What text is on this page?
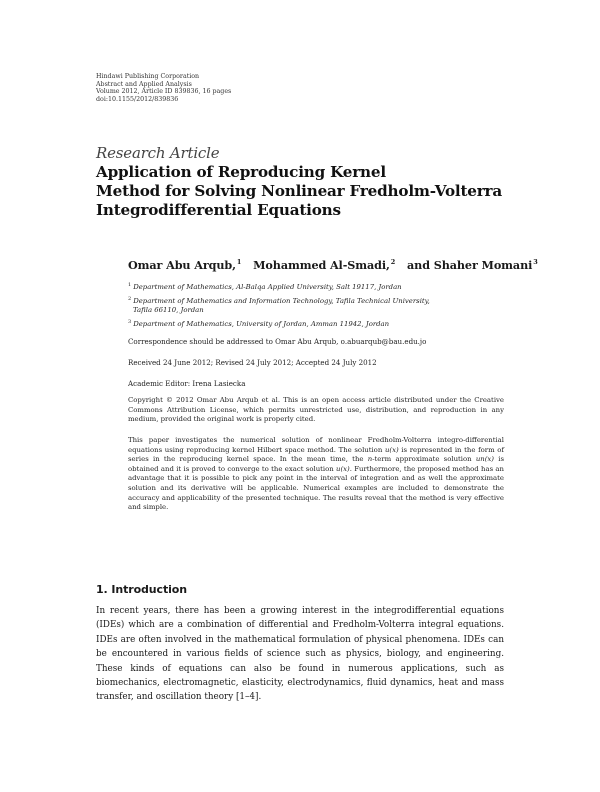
Hindawi Publishing Corporation
Abstract and Applied Analysis
Volume 2012, Article ID 839836, 16 pages
doi:10.1155/2012/839836
Research Article
Application of Reproducing Kernel
Method for Solving Nonlinear Fredholm-Volterra
Integrodifferential Equations
Omar Abu Arqub,$^1$ Mohammed Al-Smadi,$^2$ and Shaher Momani$^3$
$^1$ Department of Mathematics, Al-Balqa Applied University, Salt 19117, Jordan
$^2$ Department of Mathematics and Information Technology, Tafila Technical University,
Tafila 66110, Jordan
$^3$ Department of Mathematics, University of Jordan, Amman 11942, Jordan
Correspondence should be addressed to Omar Abu Arqub, o.abuarqub@bau.edu.jo
Received 24 June 2012; Revised 24 July 2012; Accepted 24 July 2012
Academic Editor: Irena Lasiecka
Copyright © 2012 Omar Abu Arqub et al. This is an open access article distributed under the Creative Commons Attribution License, which permits unrestricted use, distribution, and reproduction in any medium, provided the original work is properly cited.
This paper investigates the numerical solution of nonlinear Fredholm-Volterra integro-differential equations using reproducing kernel Hilbert space method. The solution u(x) is represented in the form of series in the reproducing kernel space. In the mean time, the n-term approximate solution un(x) is obtained and it is proved to converge to the exact solution u(x). Furthermore, the proposed method has an advantage that it is possible to pick any point in the interval of integration and as well the approximate solution and its derivative will be applicable. Numerical examples are included to demonstrate the accuracy and applicability of the presented technique. The results reveal that the method is very effective and simple.
1. Introduction
In recent years, there has been a growing interest in the integrodifferential equations (IDEs) which are a combination of differential and Fredholm-Volterra integral equations. IDEs are often involved in the mathematical formulation of physical phenomena. IDEs can be encountered in various fields of science such as physics, biology, and engineering. These kinds of equations can also be found in numerous applications, such as biomechanics, electromagnetic, elasticity, electrodynamics, fluid dynamics, heat and mass transfer, and oscillation theory [1–4].
